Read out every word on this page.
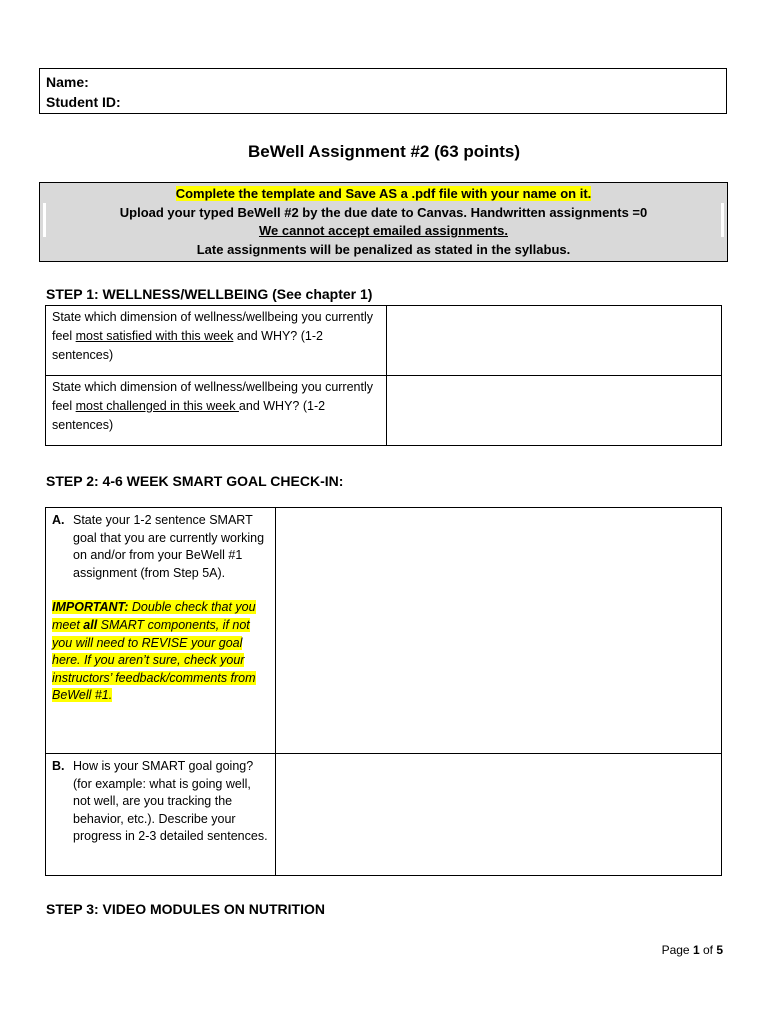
Name:
Student ID:
BeWell Assignment #2 (63 points)
Complete the template and Save AS a .pdf file with your name on it.
Upload your typed BeWell #2 by the due date to Canvas. Handwritten assignments =0
We cannot accept emailed assignments.
Late assignments will be penalized as stated in the syllabus.
STEP 1: WELLNESS/WELLBEING (See chapter 1)
State which dimension of wellness/wellbeing you currently feel most satisfied with this week and WHY? (1-2 sentences)	
State which dimension of wellness/wellbeing you currently feel most challenged in this week and WHY? (1-2 sentences)	
STEP 2: 4-6 WEEK SMART GOAL CHECK-IN:
A. State your 1-2 sentence SMART goal that you are currently working on and/or from your BeWell #1 assignment (from Step 5A).
IMPORTANT: Double check that you meet all SMART components, if not you will need to REVISE your goal here. If you aren’t sure, check your instructors’ feedback/comments from BeWell #1.	

B. How is your SMART goal going? (for example: what is going well, not well, are you tracking the behavior, etc.). Describe your progress in 2-3 detailed sentences.	

STEP 3: VIDEO MODULES ON NUTRITION
Page 1 of 5
